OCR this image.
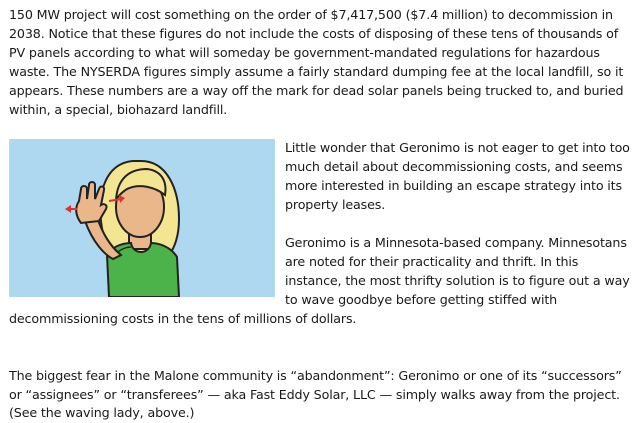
150 MW project will cost something on the order of $7,417,500 ($7.4 million) to decommission in 2038. Notice that these figures do not include the costs of disposing of these tens of thousands of PV panels according to what will someday be government-mandated regulations for hazardous waste. The NYSERDA figures simply assume a fairly standard dumping fee at the local landfill, so it appears. These numbers are a way off the mark for dead solar panels being trucked to, and buried within, a special, biohazard landfill.

Little wonder that Geronimo is not eager to get into too much detail about decommissioning costs, and seems more interested in building an escape strategy into its property leases.

Geronimo is a Minnesota-based company. Minnesotans are noted for their practicality and thrift. In this instance, the most thrifty solution is to figure out a way to wave goodbye before getting stiffed with decommissioning costs in the tens of millions of dollars.

The biggest fear in the Malone community is “abandonment”: Geronimo or one of its “successors” or “assignees” or “transferees” — aka Fast Eddy Solar, LLC — simply walks away from the project. (See the waving lady, above.)
